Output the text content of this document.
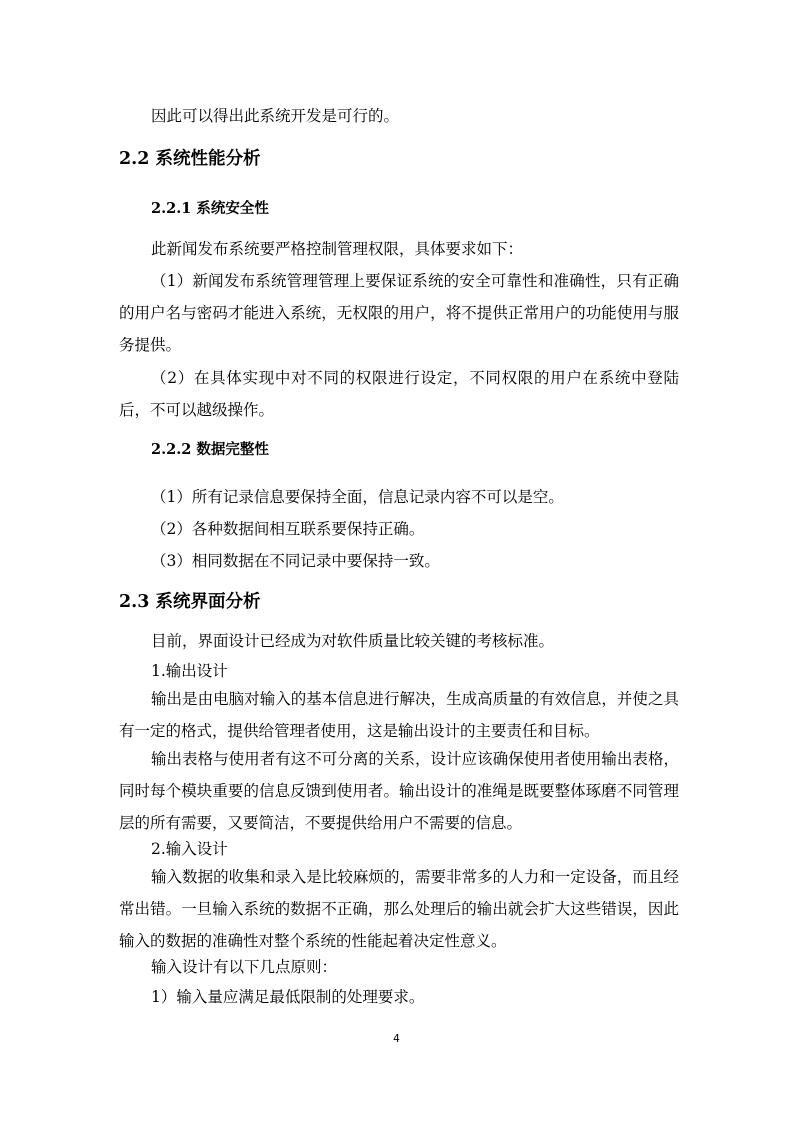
因此可以得出此系统开发是可行的。

2.2 系统性能分析
2.2.1 系统安全性

此新闻发布系统要严格控制管理权限，具体要求如下：

（1）新闻发布系统管理管理上要保证系统的安全可靠性和准确性，只有正确的用户名与密码才能进入系统，无权限的用户，将不提供正常用户的功能使用与服务提供。

（2）在具体实现中对不同的权限进行设定，不同权限的用户在系统中登陆后，不可以越级操作。

2.2.2 数据完整性

（1）所有记录信息要保持全面，信息记录内容不可以是空。

（2）各种数据间相互联系要保持正确。

（3）相同数据在不同记录中要保持一致。

2.3 系统界面分析

目前，界面设计已经成为对软件质量比较关键的考核标准。

1.输出设计

输出是由电脑对输入的基本信息进行解决，生成高质量的有效信息，并使之具有一定的格式，提供给管理者使用，这是输出设计的主要责任和目标。

输出表格与使用者有这不可分离的关系，设计应该确保使用者使用输出表格，同时每个模块重要的信息反馈到使用者。输出设计的准绳是既要整体琢磨不同管理层的所有需要，又要简洁，不要提供给用户不需要的信息。

2.输入设计

输入数据的收集和录入是比较麻烦的，需要非常多的人力和一定设备，而且经常出错。一旦输入系统的数据不正确，那么处理后的输出就会扩大这些错误，因此输入的数据的准确性对整个系统的性能起着决定性意义。

输入设计有以下几点原则：

1）输入量应满足最低限制的处理要求。

4
